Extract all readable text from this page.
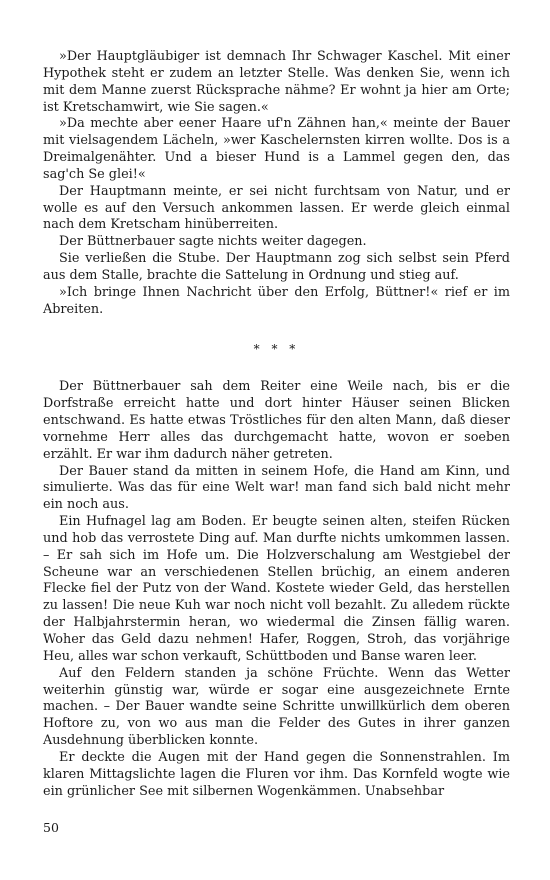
»Der Hauptgläubiger ist demnach Ihr Schwager Kaschel. Mit einer Hypothek steht er zudem an letzter Stelle. Was denken Sie, wenn ich mit dem Manne zuerst Rücksprache nähme? Er wohnt ja hier am Orte; ist Kretschamwirt, wie Sie sagen.«

»Da mechte aber eener Haare uf'n Zähnen han,« meinte der Bauer mit vielsagendem Lächeln, »wer Kaschelernsten kirren wollte. Dos is a Dreimalgenähter. Und a bieser Hund is a Lammel gegen den, das sag'ch Se glei!«

Der Hauptmann meinte, er sei nicht furchtsam von Natur, und er wolle es auf den Versuch ankommen lassen. Er werde gleich einmal nach dem Kretscham hinüberreiten.

Der Büttnerbauer sagte nichts weiter dagegen.

Sie verließen die Stube. Der Hauptmann zog sich selbst sein Pferd aus dem Stalle, brachte die Sattelung in Ordnung und stieg auf.

»Ich bringe Ihnen Nachricht über den Erfolg, Büttner!« rief er im Abreiten.

* * *

Der Büttnerbauer sah dem Reiter eine Weile nach, bis er die Dorfstraße erreicht hatte und dort hinter Häuser seinen Blicken entschwand. Es hatte etwas Tröstliches für den alten Mann, daß dieser vornehme Herr alles das durchgemacht hatte, wovon er soeben erzählt. Er war ihm dadurch näher getreten.

Der Bauer stand da mitten in seinem Hofe, die Hand am Kinn, und simulierte. Was das für eine Welt war! man fand sich bald nicht mehr ein noch aus.

Ein Hufnagel lag am Boden. Er beugte seinen alten, steifen Rücken und hob das verrostete Ding auf. Man durfte nichts umkommen lassen. – Er sah sich im Hofe um. Die Holzverschalung am Westgiebel der Scheune war an verschiedenen Stellen brüchig, an einem anderen Flecke fiel der Putz von der Wand. Kostete wieder Geld, das herstellen zu lassen! Die neue Kuh war noch nicht voll bezahlt. Zu alledem rückte der Halbjahrstermin heran, wo wiedermal die Zinsen fällig waren. Woher das Geld dazu nehmen! Hafer, Roggen, Stroh, das vorjährige Heu, alles war schon verkauft, Schüttboden und Banse waren leer.

Auf den Feldern standen ja schöne Früchte. Wenn das Wetter weiterhin günstig war, würde er sogar eine ausgezeichnete Ernte machen. – Der Bauer wandte seine Schritte unwillkürlich dem oberen Hoftore zu, von wo aus man die Felder des Gutes in ihrer ganzen Ausdehnung überblicken konnte.

Er deckte die Augen mit der Hand gegen die Sonnenstrahlen. Im klaren Mittagslichte lagen die Fluren vor ihm. Das Kornfeld wogte wie ein grünlicher See mit silbernen Wogenkämmen. Unabsehbar

50
